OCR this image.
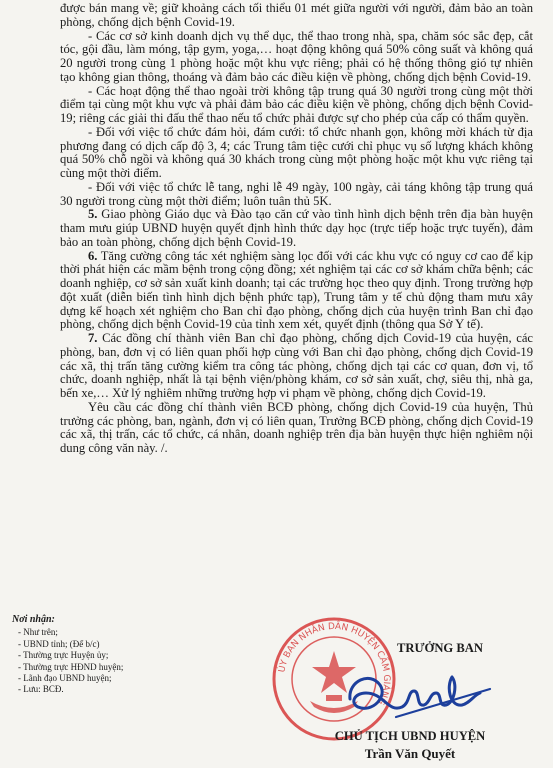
được bán mang về; giữ khoảng cách tối thiểu 01 mét giữa người với người, đảm bảo an toàn phòng, chống dịch bệnh Covid-19.

- Các cơ sở kinh doanh dịch vụ thể dục, thể thao trong nhà, spa, chăm sóc sắc đẹp, cắt tóc, gội đầu, làm móng, tập gym, yoga,… hoạt động không quá 50% công suất và không quá 20 người trong cùng 1 phòng hoặc một khu vực riêng; phải có hệ thống thông gió tự nhiên tạo không gian thông, thoáng và đảm bảo các điều kiện về phòng, chống dịch bệnh Covid-19.

- Các hoạt động thể thao ngoài trời không tập trung quá 30 người trong cùng một thời điểm tại cùng một khu vực và phải đảm bảo các điều kiện về phòng, chống dịch bệnh Covid-19; riêng các giải thi đấu thể thao nếu tổ chức phải được sự cho phép của cấp có thẩm quyền.

- Đối với việc tổ chức đám hỏi, đám cưới: tổ chức nhanh gọn, không mời khách từ địa phương đang có dịch cấp độ 3, 4; các Trung tâm tiệc cưới chỉ phục vụ số lượng khách không quá 50% chỗ ngồi và không quá 30 khách trong cùng một phòng hoặc một khu vực riêng tại cùng một thời điểm.

- Đối với việc tổ chức lễ tang, nghi lễ 49 ngày, 100 ngày, cải táng không tập trung quá 30 người trong cùng một thời điểm; luôn tuân thủ 5K.

5. Giao phòng Giáo dục và Đào tạo căn cứ vào tình hình dịch bệnh trên địa bàn huyện tham mưu giúp UBND huyện quyết định hình thức dạy học (trực tiếp hoặc trực tuyến), đảm bảo an toàn phòng, chống dịch bệnh Covid-19.

6. Tăng cường công tác xét nghiệm sàng lọc đối với các khu vực có nguy cơ cao để kịp thời phát hiện các mầm bệnh trong cộng đồng; xét nghiệm tại các cơ sở khám chữa bệnh; các doanh nghiệp, cơ sở sản xuất kinh doanh; tại các trường học theo quy định. Trong trường hợp đột xuất (diễn biến tình hình dịch bệnh phức tạp), Trung tâm y tế chủ động tham mưu xây dựng kế hoạch xét nghiệm cho Ban chỉ đạo phòng, chống dịch của huyện trình Ban chỉ đạo phòng, chống dịch bệnh Covid-19 của tỉnh xem xét, quyết định (thông qua Sở Y tế).

7. Các đồng chí thành viên Ban chỉ đạo phòng, chống dịch Covid-19 của huyện, các phòng, ban, đơn vị có liên quan phối hợp cùng với Ban chỉ đạo phòng, chống dịch Covid-19 các xã, thị trấn tăng cường kiểm tra công tác phòng, chống dịch tại các cơ quan, đơn vị, tổ chức, doanh nghiệp, nhất là tại bệnh viện/phòng khám, cơ sở sản xuất, chợ, siêu thị, nhà ga, bến xe,… Xử lý nghiêm những trường hợp vi phạm về phòng, chống dịch Covid-19.

Yêu cầu các đồng chí thành viên BCĐ phòng, chống dịch Covid-19 của huyện, Thủ trưởng các phòng, ban, ngành, đơn vị có liên quan, Trưởng BCĐ phòng, chống dịch Covid-19 các xã, thị trấn, các tổ chức, cá nhân, doanh nghiệp trên địa bàn huyện thực hiện nghiêm nội dung công văn này. /.

Nơi nhận:
- Như trên;
- UBND tỉnh; (Để b/c)
- Thường trực Huyện ủy;
- Thường trực HĐND huyện;
- Lãnh đạo UBND huyện;
- Lưu: BCĐ.
ỦY BAN NHÂN DÂN HUYỆN CẨM GIÀNG
TRƯỞNG BAN
CHỦ TỊCH UBND HUYỆN
Trần Văn Quyết
